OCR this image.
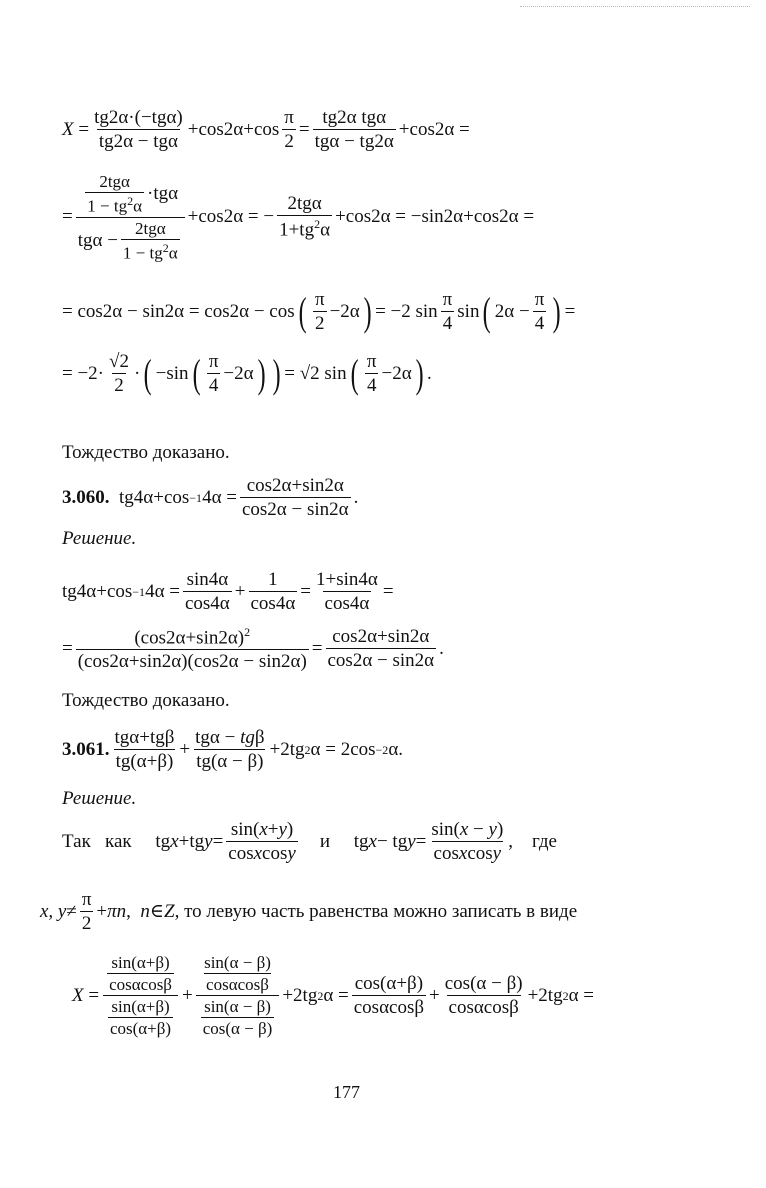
X =
tg2α·(−tgα)
tg2α − tgα
+cos2α+cos
π
2
=
tg2α tgα
tgα − tg2α
+cos2α =
=
2tgα
$1 - tg^2\alpha$
·tgα
tgα −
2tgα
$1 - tg^2\alpha$
+cos2α = −
2tgα
$1+tg^2\alpha$
+cos2α = −sin2α+cos2α =
= cos2α − sin2α = cos2α − cos ( π
2
−2α ) = −2 sin
π
4
sin ( 2α −
π
4 ) =
= −2·
√2
2
· ( −sin ( π
4
−2α ) ) = √2 sin ( π
4
−2α ) .
Тождество доказано.
3.060. tg4α+cos −1 4α =
cos2α+sin2α
cos2α − sin2α
.
Решение.
tg4α+cos −1 4α =
sin4α
cos4α
+
1
cos4α
=
1+sin4α
cos4α
=
=
$(\cos 2\alpha+\sin 2\alpha)^2$
(cos2α+sin2α)(cos2α − sin2α)
=
cos2α+sin2α
cos2α − sin2α
.
Тождество доказано.
3.061.
tgα+tgβ
tg(α+β)
+
tgα − tgβ
tg(α − β)
+2tg 2 α = 2cos −2 α.
Решение.
Так   как tg x +tg y =
sin(x+y)
cosxcosy

и tg x − tg y =
sin(x − y)
cosxcosy
,    где
x, y ≠
π
2
+ πn , n ∈ Z , то левую часть равенства можно записать в виде
X =
$\frac{\sin(\alpha+\beta)}{\cos\alpha\cos\beta}$
$\frac{\sin(\alpha+\beta)}{\cos(\alpha+\beta)}$
+
$\frac{\sin(\alpha - \beta)}{\cos\alpha\cos\beta}$
$\frac{\sin(\alpha - \beta)}{\cos(\alpha - \beta)}$
+2tg 2 α =
cos(α+β)
cosαcosβ
+
cos(α − β)
cosαcosβ
+2tg 2 α =
177
